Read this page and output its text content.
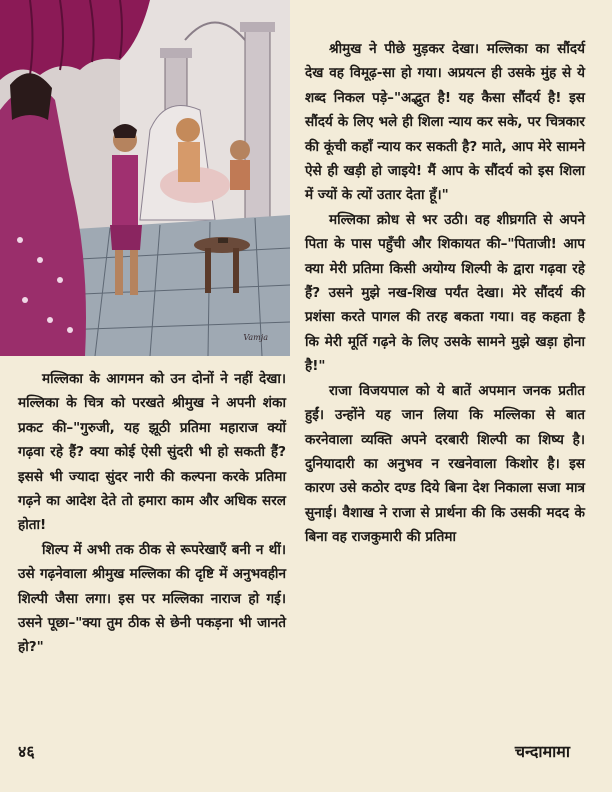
Vamja

मल्लिका के आगमन को उन दोनों ने नहीं देखा। मल्लिका के चित्र को परखते श्रीमुख ने अपनी शंका प्रकट की–"गुरुजी, यह झूठी प्रतिमा महाराज क्यों गढ़वा रहे हैं? क्या कोई ऐसी सुंदरी भी हो सकती हैं? इससे भी ज्यादा सुंदर नारी की कल्पना करके प्रतिमा गढ़ने का आदेश देते तो हमारा काम और अधिक सरल होता!

शिल्प में अभी तक ठीक से रूपरेखाएँ बनी न थीं। उसे गढ़नेवाला श्रीमुख मल्लिका की दृष्टि में अनुभवहीन शिल्पी जैसा लगा। इस पर मल्लिका नाराज हो गई। उसने पूछा–"क्या तुम ठीक से छेनी पकड़ना भी जानते हो?"

श्रीमुख ने पीछे मुड़कर देखा। मल्लिका का सौंदर्य देख वह विमूढ़-सा हो गया। अप्रयत्न ही उसके मुंह से ये शब्द निकल पड़े–"अद्भुत है! यह कैसा सौंदर्य है! इस सौंदर्य के लिए भले ही शिला न्याय कर सके, पर चित्रकार की कूंची कहाँ न्याय कर सकती है? माते, आप मेरे सामने ऐसे ही खड़ी हो जाइये! मैं आप के सौंदर्य को इस शिला में ज्यों के त्यों उतार देता हूँ।"

मल्लिका क्रोध से भर उठी। वह शीघ्रगति से अपने पिता के पास पहुँची और शिकायत की–"पिताजी! आप क्या मेरी प्रतिमा किसी अयोग्य शिल्पी के द्वारा गढ़वा रहे हैं? उसने मुझे नख-शिख पर्यंत देखा। मेरे सौंदर्य की प्रशंसा करते पागल की तरह बकता गया। वह कहता है कि मेरी मूर्ति गढ़ने के लिए उसके सामने मुझे खड़ा होना है!"

राजा विजयपाल को ये बातें अपमान जनक प्रतीत हुईं। उन्होंने यह जान लिया कि मल्लिका से बात करनेवाला व्यक्ति अपने दरबारी शिल्पी का शिष्य है। दुनियादारी का अनुभव न रखनेवाला किशोर है। इस कारण उसे कठोर दण्ड दिये बिना देश निकाला सजा मात्र सुनाई। वैशाख ने राजा से प्रार्थना की कि उसकी मदद के बिना वह राजकुमारी की प्रतिमा

४६	चन्दामामा
